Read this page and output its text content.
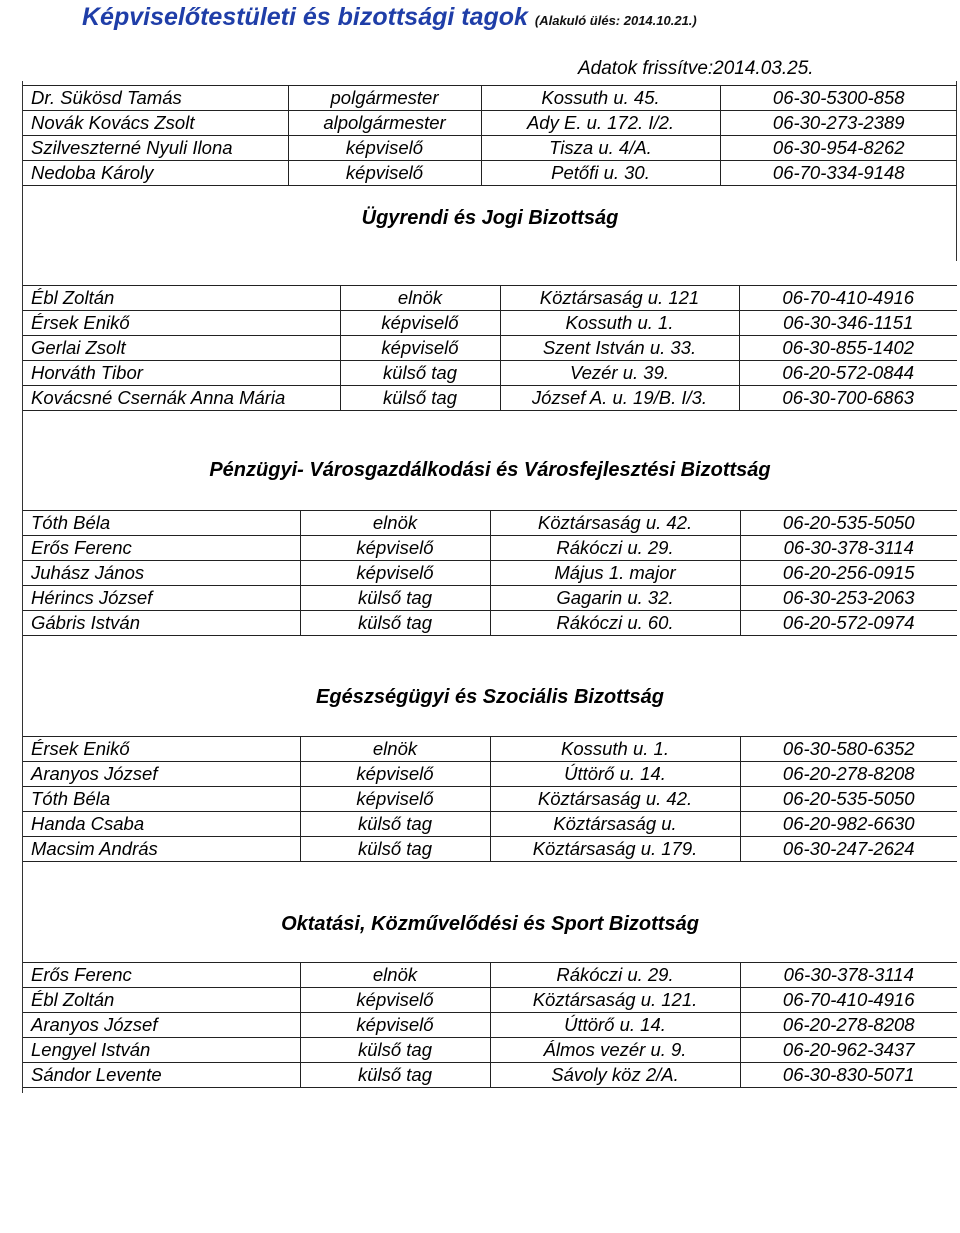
Képviselőtestületi és bizottsági tagok (Alakuló ülés: 2014.10.21.)
Adatok frissítve:2014.03.25.
Dr. Sükösd Tamás	polgármester	Kossuth u. 45.	06-30-5300-858
Novák Kovács Zsolt	alpolgármester	Ady E. u. 172. I/2.	06-30-273-2389
Szilveszterné Nyuli Ilona	képviselő	Tisza u. 4/A.	06-30-954-8262
Nedoba Károly	képviselő	Petőfi u. 30.	06-70-334-9148
Ügyrendi és Jogi Bizottság
Ébl Zoltán	elnök	Köztársaság u. 121	06-70-410-4916
Érsek Enikő	képviselő	Kossuth u. 1.	06-30-346-1151
Gerlai Zsolt	képviselő	Szent István u. 33.	06-30-855-1402
Horváth Tibor	külső tag	Vezér u. 39.	06-20-572-0844
Kovácsné Csernák Anna Mária	külső tag	József A. u. 19/B. I/3.	06-30-700-6863
Pénzügyi- Városgazdálkodási és Városfejlesztési Bizottság
Tóth Béla	elnök	Köztársaság u. 42.	06-20-535-5050
Erős Ferenc	képviselő	Rákóczi u. 29.	06-30-378-3114
Juhász János	képviselő	Május 1. major	06-20-256-0915
Hérincs József	külső tag	Gagarin u. 32.	06-30-253-2063
Gábris István	külső tag	Rákóczi u. 60.	06-20-572-0974
Egészségügyi és Szociális Bizottság
Érsek Enikő	elnök	Kossuth u. 1.	06-30-580-6352
Aranyos József	képviselő	Úttörő u. 14.	06-20-278-8208
Tóth Béla	képviselő	Köztársaság u. 42.	06-20-535-5050
Handa Csaba	külső tag	Köztársaság u.	06-20-982-6630
Macsim András	külső tag	Köztársaság u. 179.	06-30-247-2624
Oktatási, Közművelődési és Sport Bizottság
Erős Ferenc	elnök	Rákóczi u. 29.	06-30-378-3114
Ébl Zoltán	képviselő	Köztársaság u. 121.	06-70-410-4916
Aranyos József	képviselő	Úttörő u. 14.	06-20-278-8208
Lengyel István	külső tag	Álmos vezér u. 9.	06-20-962-3437
Sándor Levente	külső tag	Sávoly köz 2/A.	06-30-830-5071
